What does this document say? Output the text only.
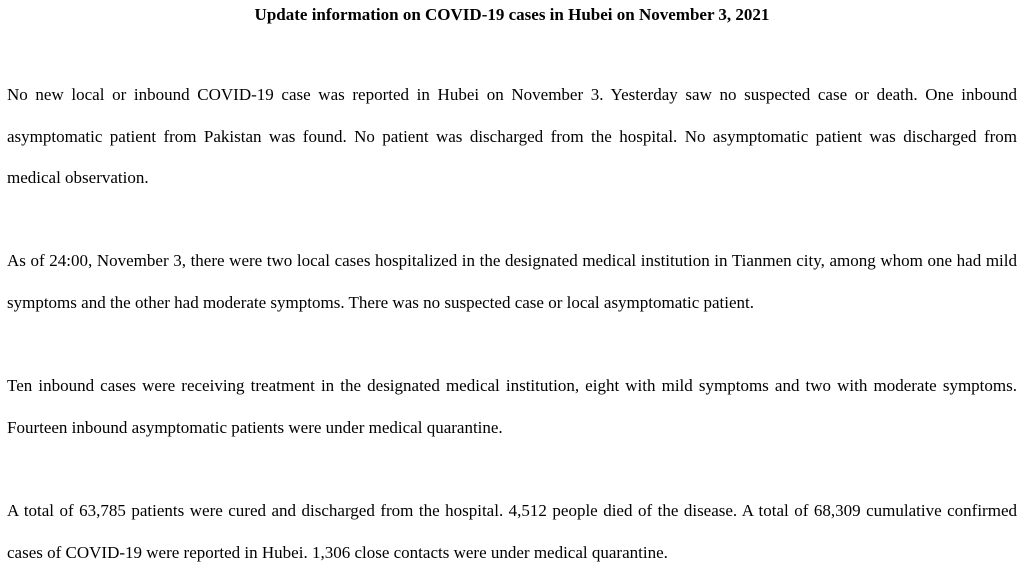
Update information on COVID-19 cases in Hubei on November 3, 2021

No new local or inbound COVID-19 case was reported in Hubei on November 3. Yesterday saw no suspected case or death. One inbound asymptomatic patient from Pakistan was found. No patient was discharged from the hospital. No asymptomatic patient was discharged from medical observation.

As of 24:00, November 3, there were two local cases hospitalized in the designated medical institution in Tianmen city, among whom one had mild symptoms and the other had moderate symptoms. There was no suspected case or local asymptomatic patient.

Ten inbound cases were receiving treatment in the designated medical institution, eight with mild symptoms and two with moderate symptoms. Fourteen inbound asymptomatic patients were under medical quarantine.

A total of 63,785 patients were cured and discharged from the hospital. 4,512 people died of the disease. A total of 68,309 cumulative confirmed cases of COVID-19 were reported in Hubei. 1,306 close contacts were under medical quarantine.
